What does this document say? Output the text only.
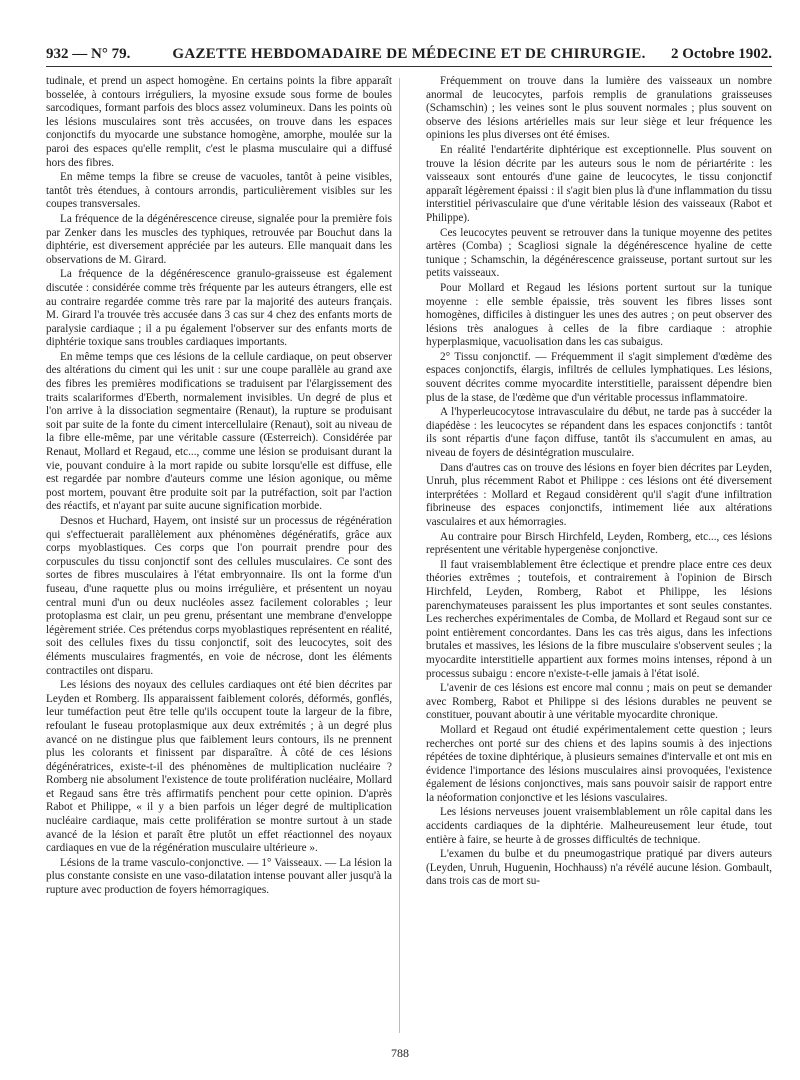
932 — N° 79.	GAZETTE HEBDOMADAIRE DE MÉDECINE ET DE CHIRURGIE.	2 Octobre 1902.

tudinale, et prend un aspect homogène. En certains points la fibre apparaît bosselée, à contours irréguliers, la myosine exsude sous forme de boules sarcodiques, formant parfois des blocs assez volumineux. Dans les points où les lésions musculaires sont très accusées, on trouve dans les espaces conjonctifs du myocarde une substance homogène, amorphe, moulée sur la paroi des espaces qu'elle remplit, c'est le plasma musculaire qui a diffusé hors des fibres.

En même temps la fibre se creuse de vacuoles, tantôt à peine visibles, tantôt très étendues, à contours arrondis, particulièrement visibles sur les coupes transversales.

La fréquence de la dégénérescence cireuse, signalée pour la première fois par Zenker dans les muscles des typhiques, retrouvée par Bouchut dans la diphtérie, est diversement appréciée par les auteurs. Elle manquait dans les observations de M. Girard.

La fréquence de la dégénérescence granulo-graisseuse est également discutée : considérée comme très fréquente par les auteurs étrangers, elle est au contraire regardée comme très rare par la majorité des auteurs français. M. Girard l'a trouvée très accusée dans 3 cas sur 4 chez des enfants morts de paralysie cardiaque ; il a pu également l'observer sur des enfants morts de diphtérie toxique sans troubles cardiaques importants.

En même temps que ces lésions de la cellule cardiaque, on peut observer des altérations du ciment qui les unit : sur une coupe parallèle au grand axe des fibres les premières modifications se traduisent par l'élargissement des traits scalariformes d'Eberth, normalement invisibles. Un degré de plus et l'on arrive à la dissociation segmentaire (Renaut), la rupture se produisant soit par suite de la fonte du ciment intercellulaire (Renaut), soit au niveau de la fibre elle-même, par une véritable cassure (Œsterreich). Considérée par Renaut, Mollard et Regaud, etc..., comme une lésion se produisant durant la vie, pouvant conduire à la mort rapide ou subite lorsqu'elle est diffuse, elle est regardée par nombre d'auteurs comme une lésion agonique, ou même post mortem, pouvant être produite soit par la putréfaction, soit par l'action des réactifs, et n'ayant par suite aucune signification morbide.

Desnos et Huchard, Hayem, ont insisté sur un processus de régénération qui s'effectuerait parallèlement aux phénomènes dégénératifs, grâce aux corps myoblastiques. Ces corps que l'on pourrait prendre pour des corpuscules du tissu conjonctif sont des cellules musculaires. Ce sont des sortes de fibres musculaires à l'état embryonnaire. Ils ont la forme d'un fuseau, d'une raquette plus ou moins irrégulière, et présentent un noyau central muni d'un ou deux nucléoles assez facilement colorables ; leur protoplasma est clair, un peu grenu, présentant une membrane d'enveloppe légèrement striée. Ces prétendus corps myoblastiques représentent en réalité, soit des cellules fixes du tissu conjonctif, soit des leucocytes, soit des éléments musculaires fragmentés, en voie de nécrose, dont les éléments contractiles ont disparu.

Les lésions des noyaux des cellules cardiaques ont été bien décrites par Leyden et Romberg. Ils apparaissent faiblement colorés, déformés, gonflés, leur tuméfaction peut être telle qu'ils occupent toute la largeur de la fibre, refoulant le fuseau protoplasmique aux deux extrémités ; à un degré plus avancé on ne distingue plus que faiblement leurs contours, ils ne prennent plus les colorants et finissent par disparaître. À côté de ces lésions dégénératrices, existe-t-il des phénomènes de multiplication nucléaire ? Romberg nie absolument l'existence de toute prolifération nucléaire, Mollard et Regaud sans être très affirmatifs penchent pour cette opinion. D'après Rabot et Philippe, « il y a bien parfois un léger degré de multiplication nucléaire cardiaque, mais cette prolifération se montre surtout à un stade avancé de la lésion et paraît être plutôt un effet réactionnel des noyaux cardiaques en vue de la régénération musculaire ultérieure ».

Lésions de la trame vasculo-conjonctive. — 1° Vaisseaux. — La lésion la plus constante consiste en une vaso-dilatation intense pouvant aller jusqu'à la rupture avec production de foyers hémorragiques.

Fréquemment on trouve dans la lumière des vaisseaux un nombre anormal de leucocytes, parfois remplis de granulations graisseuses (Schamschin) ; les veines sont le plus souvent normales ; plus souvent on observe des lésions artérielles mais sur leur siège et leur fréquence les opinions les plus diverses ont été émises.

En réalité l'endartérite diphtérique est exceptionnelle. Plus souvent on trouve la lésion décrite par les auteurs sous le nom de périartérite : les vaisseaux sont entourés d'une gaine de leucocytes, le tissu conjonctif apparaît légèrement épaissi : il s'agit bien plus là d'une inflammation du tissu interstitiel périvasculaire que d'une véritable lésion des vaisseaux (Rabot et Philippe).

Ces leucocytes peuvent se retrouver dans la tunique moyenne des petites artères (Comba) ; Scagliosi signale la dégénérescence hyaline de cette tunique ; Schamschin, la dégénérescence graisseuse, portant surtout sur les petits vaisseaux.

Pour Mollard et Regaud les lésions portent surtout sur la tunique moyenne : elle semble épaissie, très souvent les fibres lisses sont homogènes, difficiles à distinguer les unes des autres ; on peut observer des lésions très analogues à celles de la fibre cardiaque : atrophie hyperplasmique, vacuolisation dans les cas subaigus.

2° Tissu conjonctif. — Fréquemment il s'agit simplement d'œdème des espaces conjonctifs, élargis, infiltrés de cellules lymphatiques. Les lésions, souvent décrites comme myocardite interstitielle, paraissent dépendre bien plus de la stase, de l'œdème que d'un véritable processus inflammatoire.

A l'hyperleucocytose intravasculaire du début, ne tarde pas à succéder la diapédèse : les leucocytes se répandent dans les espaces conjonctifs : tantôt ils sont répartis d'une façon diffuse, tantôt ils s'accumulent en amas, au niveau de foyers de désintégration musculaire.

Dans d'autres cas on trouve des lésions en foyer bien décrites par Leyden, Unruh, plus récemment Rabot et Philippe : ces lésions ont été diversement interprétées : Mollard et Regaud considèrent qu'il s'agit d'une infiltration fibrineuse des espaces conjonctifs, intimement liée aux altérations vasculaires et aux hémorragies.

Au contraire pour Birsch Hirchfeld, Leyden, Romberg, etc..., ces lésions représentent une véritable hypergenèse conjonctive.

Il faut vraisemblablement être éclectique et prendre place entre ces deux théories extrêmes ; toutefois, et contrairement à l'opinion de Birsch Hirchfeld, Leyden, Romberg, Rabot et Philippe, les lésions parenchymateuses paraissent les plus importantes et sont seules constantes. Les recherches expérimentales de Comba, de Mollard et Regaud sont sur ce point entièrement concordantes. Dans les cas très aigus, dans les infections brutales et massives, les lésions de la fibre musculaire s'observent seules ; la myocardite interstitielle appartient aux formes moins intenses, répond à un processus subaigu : encore n'existe-t-elle jamais à l'état isolé.

L'avenir de ces lésions est encore mal connu ; mais on peut se demander avec Romberg, Rabot et Philippe si des lésions durables ne peuvent se constituer, pouvant aboutir à une véritable myocardite chronique.

Mollard et Regaud ont étudié expérimentalement cette question ; leurs recherches ont porté sur des chiens et des lapins soumis à des injections répétées de toxine diphtérique, à plusieurs semaines d'intervalle et ont mis en évidence l'importance des lésions musculaires ainsi provoquées, l'existence également de lésions conjonctives, mais sans pouvoir saisir de rapport entre la néoformation conjonctive et les lésions vasculaires.

Les lésions nerveuses jouent vraisemblablement un rôle capital dans les accidents cardiaques de la diphtérie. Malheureusement leur étude, tout entière à faire, se heurte à de grosses difficultés de technique.

L'examen du bulbe et du pneumogastrique pratiqué par divers auteurs (Leyden, Unruh, Huguenin, Hochhauss) n'a révélé aucune lésion. Gombault, dans trois cas de mort su-

788
